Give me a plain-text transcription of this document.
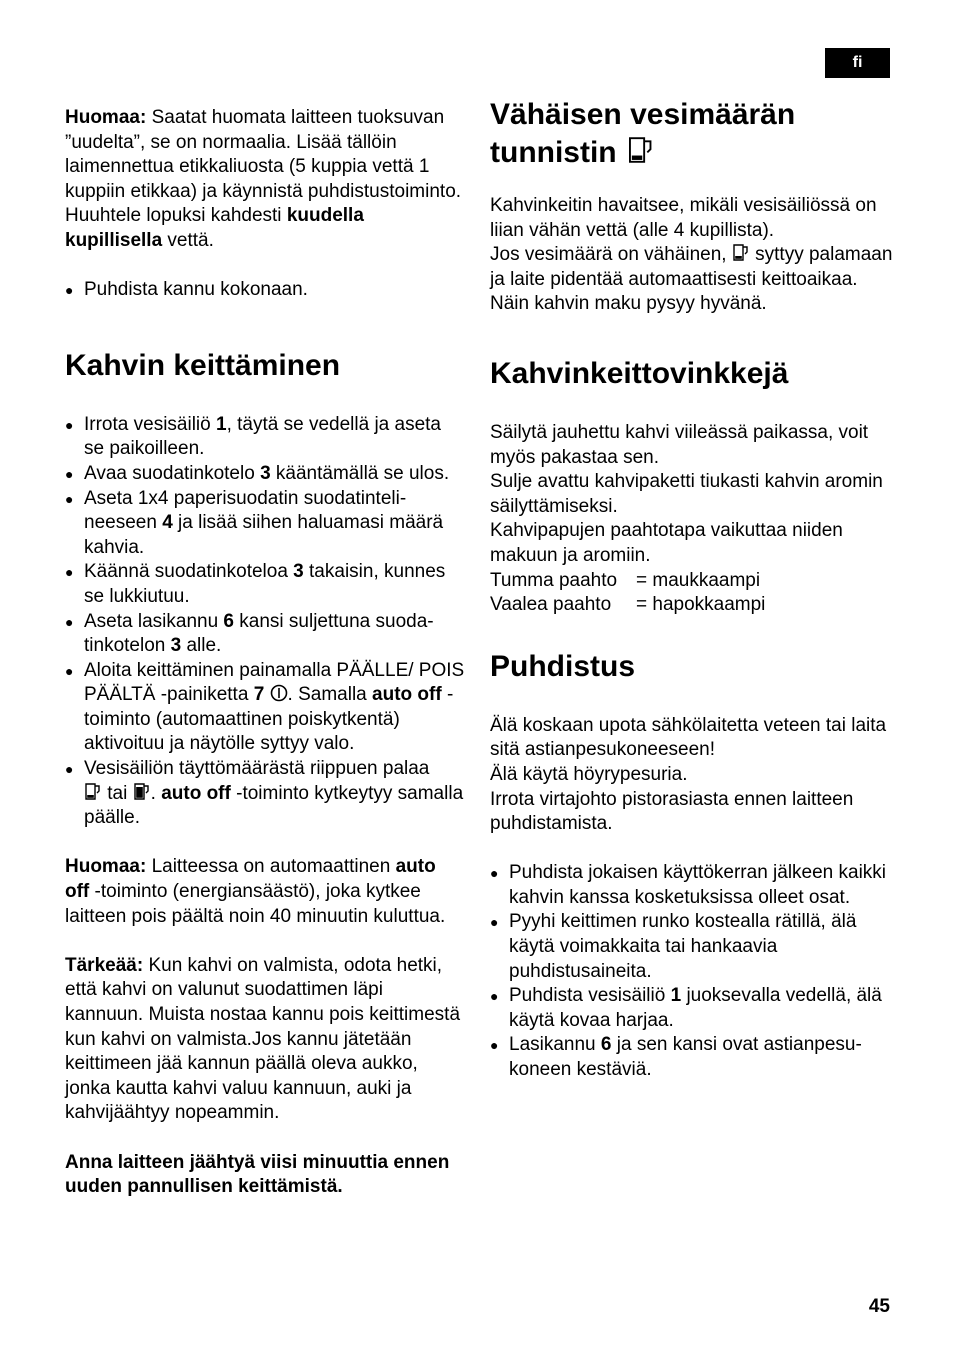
fi

Huomaa: Saatat huomata laitteen tuoksuvan ”uudelta”, se on normaalia. Lisää tällöin laimennettua etikkaliuosta (5 kuppia vettä 1 kuppiin etikkaa) ja käynnistä puhdistustoiminto. Huuhtele lopuksi kahdesti kuudella kupillisella vettä.

● Puhdista kannu kokonaan.
Kahvin keittäminen
● Irrota vesisäiliö 1, täytä se vedellä ja aseta se paikoilleen.
● Avaa suodatinkotelo 3 kääntämällä se ulos.
● Aseta 1x4 paperisuodatin suodatintelineeseen 4 ja lisää siihen haluamasi määrä kahvia.
● Käännä suodatinkoteloa 3 takaisin, kunnes se lukkiutuu.
● Aseta lasikannu 6 kansi suljettuna suodatinkotelon 3 alle.
● Aloita keittäminen painamalla PÄÄLLE/ POIS PÄÄLTÄ -painiketta 7 . Samalla auto off -toiminto (automaattinen poiskytkentä) aktivoituu ja näytölle syttyy valo.
● Vesisäiliön täyttömäärästä riippuen palaa

tai
. auto off -toiminto kytkeytyy samalla päälle.

Huomaa: Laitteessa on automaattinen auto off -toiminto (energiansäästö), joka kytkee laitteen pois päältä noin 40 minuutin kuluttua.

Tärkeää: Kun kahvi on valmista, odota hetki, että kahvi on valunut suodattimen läpi kannuun. Muista nostaa kannu pois keittimestä kun kahvi on valmista.Jos kannu jätetään keittimeen jää kannun päällä oleva aukko, jonka kautta kahvi valuu kannuun, auki ja kahvijäähtyy nopeammin.

Anna laitteen jäähtyä viisi minuuttia ennen uuden pannullisen keittämistä.

Vähäisen vesimäärän tunnistin

Kahvinkeitin havaitsee, mikäli vesisäiliössä on liian vähän vettä (alle 4 kupillista).

Jos vesimäärä on vähäinen,
syttyy palamaan ja laite pidentää automaattisesti keittoaikaa. Näin kahvin maku pysyy hyvänä.

Kahvinkeittovinkkejä

Säilytä jauhettu kahvi viileässä paikassa, voit myös pakastaa sen.

Sulje avattu kahvipaketti tiukasti kahvin aromin säilyttämiseksi.

Kahvipapujen paahtotapa vaikuttaa niiden makuun ja aromiin.

Tumma paahto = maukkaampi
Vaalea paahto	= hapokkaampi
Puhdistus

Älä koskaan upota sähkölaitetta veteen tai laita sitä astianpesukoneeseen!

Älä käytä höyrypesuria.

Irrota virtajohto pistorasiasta ennen laitteen puhdistamista.

● Puhdista jokaisen käyttökerran jälkeen kaikki kahvin kanssa kosketuksissa olleet osat.
● Pyyhi keittimen runko kostealla rätillä, älä käytä voimakkaita tai hankaavia puhdistusaineita.
● Puhdista vesisäiliö 1 juoksevalla vedellä, älä käytä kovaa harjaa.
● Lasikannu 6 ja sen kansi ovat astianpesukoneen kestäviä.
45
